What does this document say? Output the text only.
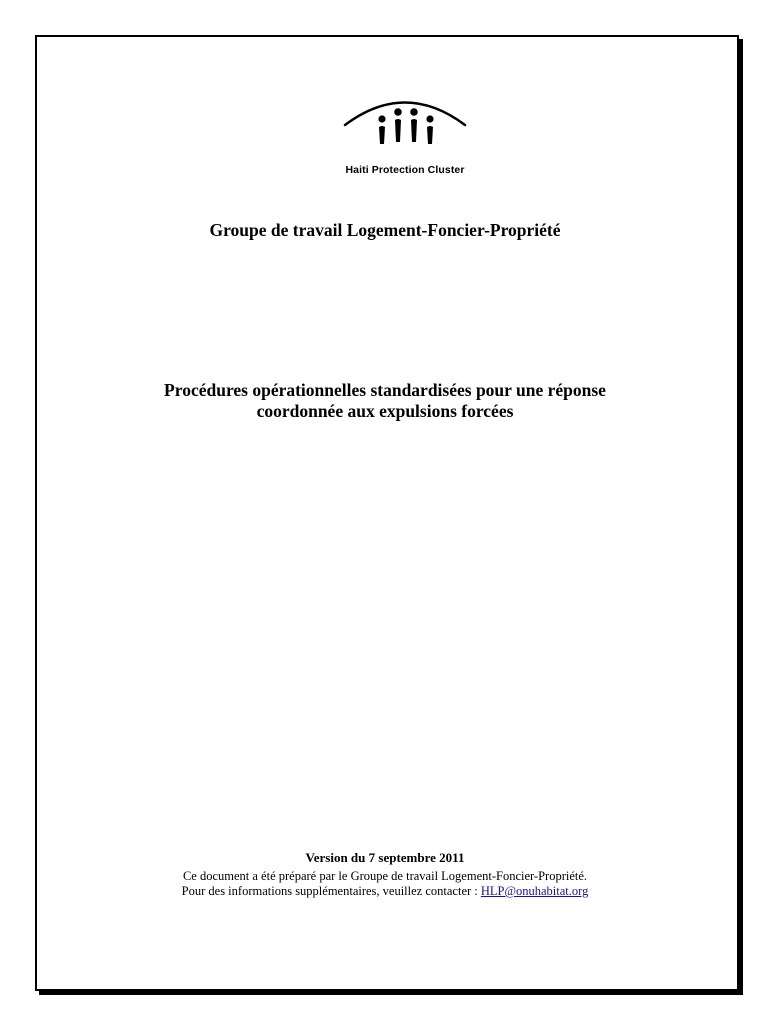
Haiti Protection Cluster
Groupe de travail Logement-Foncier-Propriété
Procédures opérationnelles standardisées pour une réponse
coordonnée aux expulsions forcées
Version du 7 septembre 2011
Ce document a été préparé par le Groupe de travail Logement-Foncier-Propriété.
Pour des informations supplémentaires, veuillez contacter : HLP@onuhabitat.org
